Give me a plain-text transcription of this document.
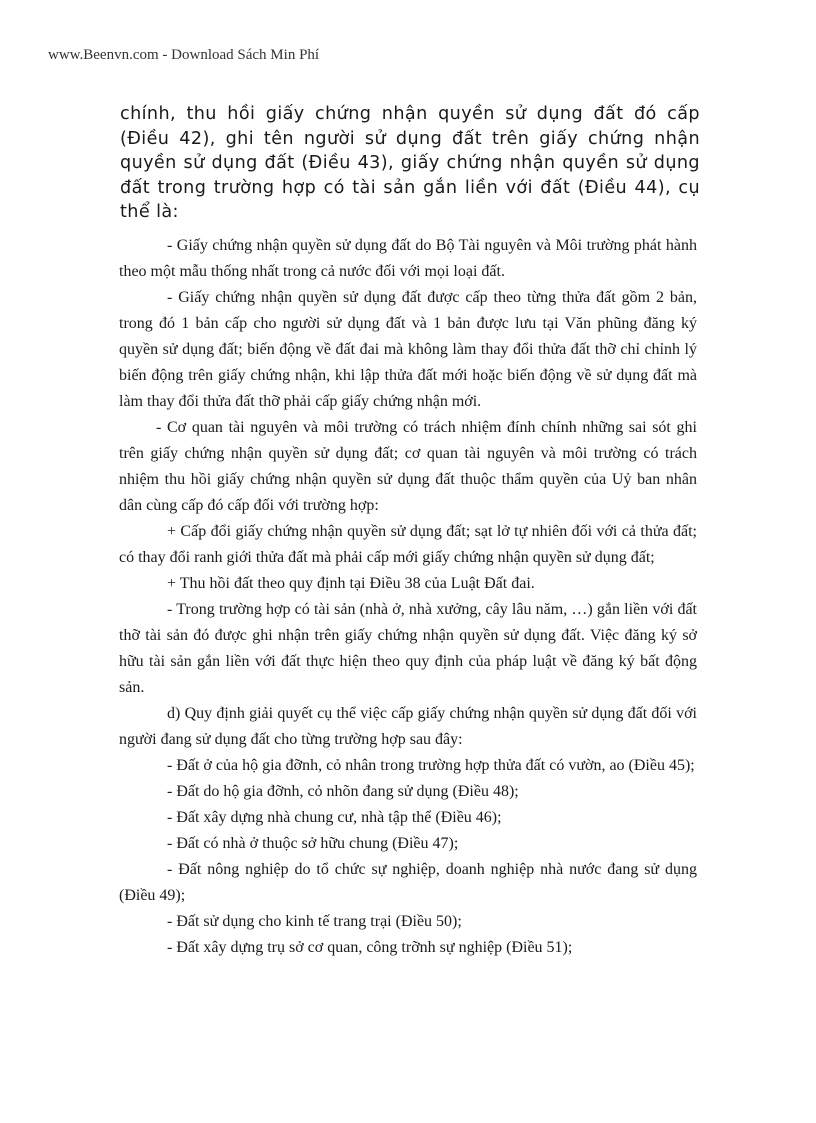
www.Beenvn.com - Download Sách Min Phí

chính, thu hồi giấy chứng nhận quyền sử dụng đất đó cấp (Điều 42), ghi tên người sử dụng đất trên giấy chứng nhận quyền sử dụng đất (Điều 43), giấy chứng nhận quyền sử dụng đất trong trường hợp có tài sản gắn liền với đất (Điều 44), cụ thể là:

- Giấy chứng nhận quyền sử dụng đất do Bộ Tài nguyên và Môi trường phát hành theo một mẫu thống nhất trong cả nước đối với mọi loại đất.

- Giấy chứng nhận quyền sử dụng đất được cấp theo từng thửa đất gồm 2 bản, trong đó 1 bản cấp cho người sử dụng đất và 1 bản được lưu tại Văn phũng đăng ký quyền sử dụng đất; biến động về đất đai mà không làm thay đổi thửa đất thỡ chỉ chỉnh lý biến động trên giấy chứng nhận, khi lập thửa đất mới hoặc biến động về sử dụng đất mà làm thay đổi thửa đất thỡ phải cấp giấy chứng nhận mới.

- Cơ quan tài nguyên và môi trường có trách nhiệm đính chính những sai sót ghi trên giấy chứng nhận quyền sử dụng đất; cơ quan tài nguyên và môi trường có trách nhiệm thu hồi giấy chứng nhận quyền sử dụng đất thuộc thẩm quyền của Uỷ ban nhân dân cùng cấp đó cấp đối với trường hợp:

+ Cấp đổi giấy chứng nhận quyền sử dụng đất; sạt lở tự nhiên đối với cả thửa đất; có thay đổi ranh giới thửa đất mà phải cấp mới giấy chứng nhận quyền sử dụng đất;

+ Thu hồi đất theo quy định tại Điều 38 của Luật Đất đai.

- Trong trường hợp có tài sản (nhà ở, nhà xưởng, cây lâu năm, …) gắn liền với đất thỡ tài sản đó được ghi nhận trên giấy chứng nhận quyền sử dụng đất. Việc đăng ký sở hữu tài sản gắn liền với đất thực hiện theo quy định của pháp luật về đăng ký bất động sản.

d) Quy định giải quyết cụ thể việc cấp giấy chứng nhận quyền sử dụng đất đối với người đang sử dụng đất cho từng trường hợp sau đây:

- Đất ở của hộ gia đỡnh, cỏ nhân trong trường hợp thửa đất có vườn, ao (Điều 45);

- Đất do hộ gia đỡnh, cỏ nhõn đang sử dụng (Điều 48);

- Đất xây dựng nhà chung cư, nhà tập thể (Điều 46);

- Đất có nhà ở thuộc sở hữu chung (Điều 47);

- Đất nông nghiệp do tổ chức sự nghiệp, doanh nghiệp nhà nước đang sử dụng (Điều 49);

- Đất sử dụng cho kinh tế trang trại (Điều 50);

- Đất xây dựng trụ sở cơ quan, công trỡnh sự nghiệp (Điều 51);
